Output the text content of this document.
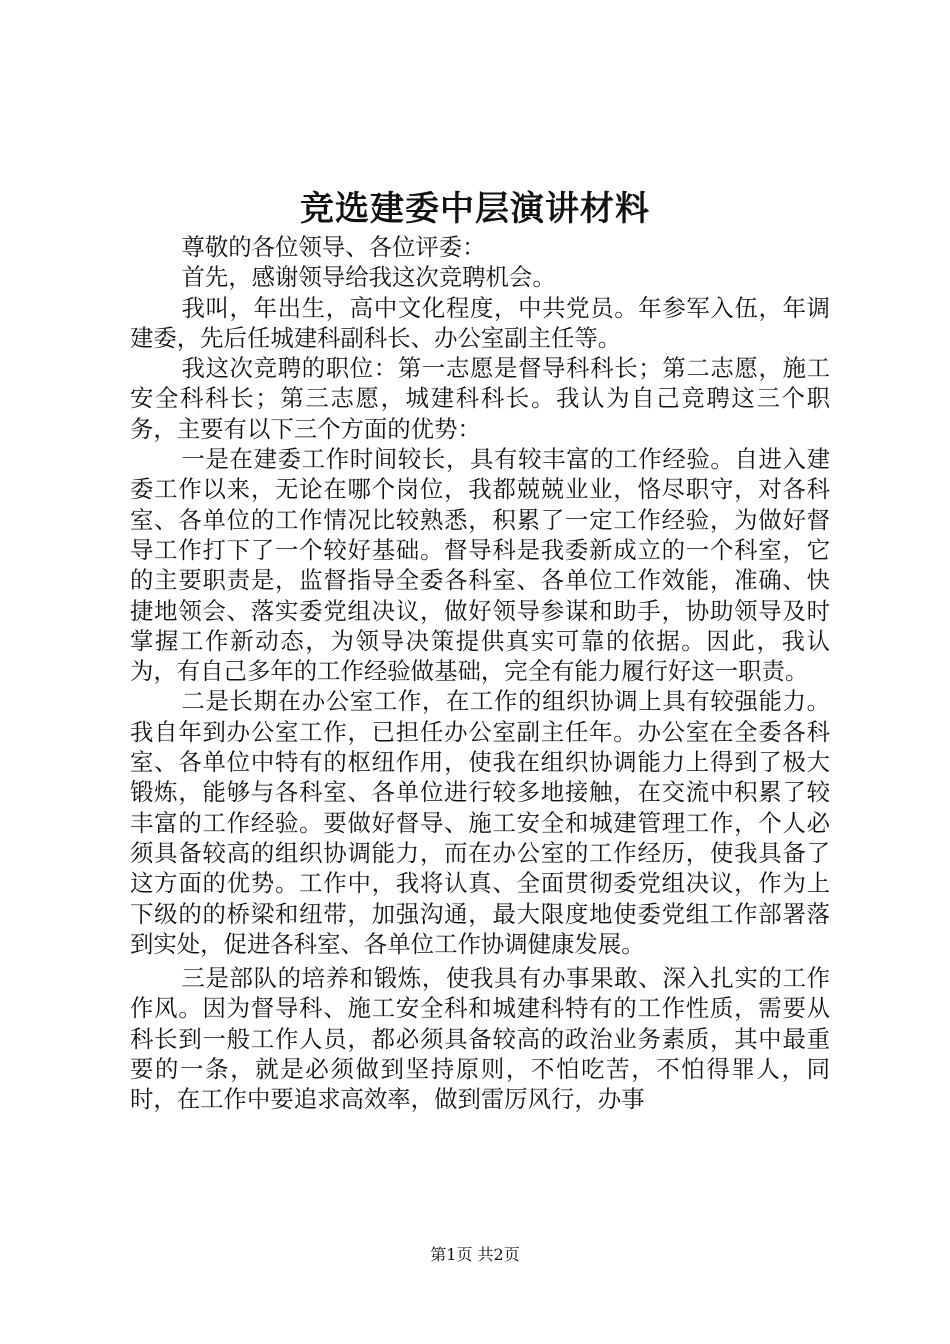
竞选建委中层演讲材料

尊敬的各位领导、各位评委：

首先，感谢领导给我这次竞聘机会。

我叫，年出生，高中文化程度，中共党员。年参军入伍，年调建委，先后任城建科副科长、办公室副主任等。

我这次竞聘的职位：第一志愿是督导科科长；第二志愿，施工安全科科长；第三志愿，城建科科长。我认为自己竞聘这三个职务，主要有以下三个方面的优势：

一是在建委工作时间较长，具有较丰富的工作经验。自进入建委工作以来，无论在哪个岗位，我都兢兢业业，恪尽职守，对各科室、各单位的工作情况比较熟悉，积累了一定工作经验，为做好督导工作打下了一个较好基础。督导科是我委新成立的一个科室，它的主要职责是，监督指导全委各科室、各单位工作效能，准确、快捷地领会、落实委党组决议，做好领导参谋和助手，协助领导及时掌握工作新动态，为领导决策提供真实可靠的依据。因此，我认为，有自己多年的工作经验做基础，完全有能力履行好这一职责。

二是长期在办公室工作，在工作的组织协调上具有较强能力。我自年到办公室工作，已担任办公室副主任年。办公室在全委各科室、各单位中特有的枢纽作用，使我在组织协调能力上得到了极大锻炼，能够与各科室、各单位进行较多地接触，在交流中积累了较丰富的工作经验。要做好督导、施工安全和城建管理工作，个人必须具备较高的组织协调能力，而在办公室的工作经历，使我具备了这方面的优势。工作中，我将认真、全面贯彻委党组决议，作为上下级的的桥梁和纽带，加强沟通，最大限度地使委党组工作部署落到实处，促进各科室、各单位工作协调健康发展。

三是部队的培养和锻炼，使我具有办事果敢、深入扎实的工作作风。因为督导科、施工安全科和城建科特有的工作性质，需要从科长到一般工作人员，都必须具备较高的政治业务素质，其中最重要的一条，就是必须做到坚持原则，不怕吃苦，不怕得罪人，同时，在工作中要追求高效率，做到雷厉风行，办事

第1页 共2页
